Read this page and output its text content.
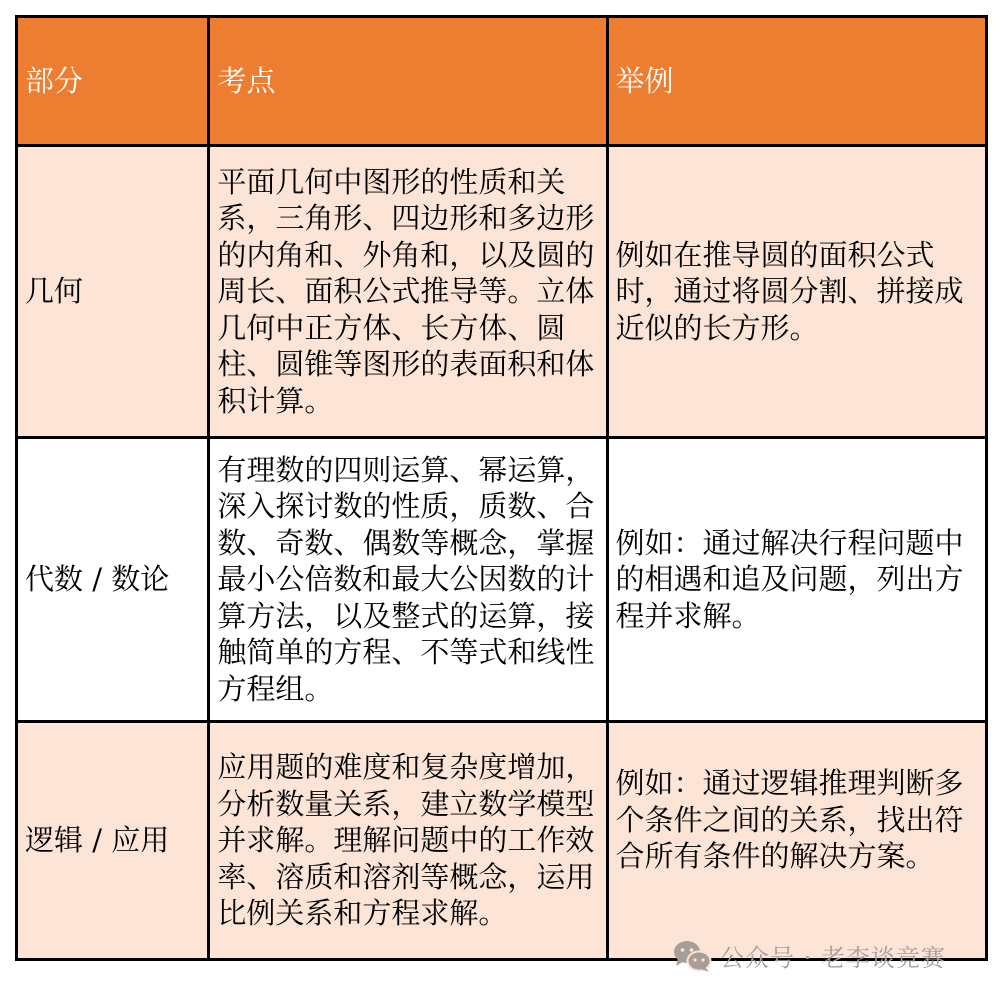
部分	考点	举例
几何	平面几何中图形的性质和关系，三角形、四边形和多边形的内角和、外角和，以及圆的周长、面积公式推导等。立体几何中正方体、长方体、圆柱、圆锥等图形的表面积和体积计算。	例如在推导圆的面积公式时，通过将圆分割、拼接成近似的长方形。
代数 / 数论	有理数的四则运算、幂运算，深入探讨数的性质，质数、合数、奇数、偶数等概念，掌握最小公倍数和最大公因数的计算方法，以及整式的运算，接触简单的方程、不等式和线性方程组。	例如：通过解决行程问题中的相遇和追及问题，列出方程并求解。
逻辑 / 应用	应用题的难度和复杂度增加，分析数量关系，建立数学模型并求解。理解问题中的工作效率、溶质和溶剂等概念，运用比例关系和方程求解。	例如：通过逻辑推理判断多个条件之间的关系，找出符合所有条件的解决方案。
公众号 · 老李谈竞赛
